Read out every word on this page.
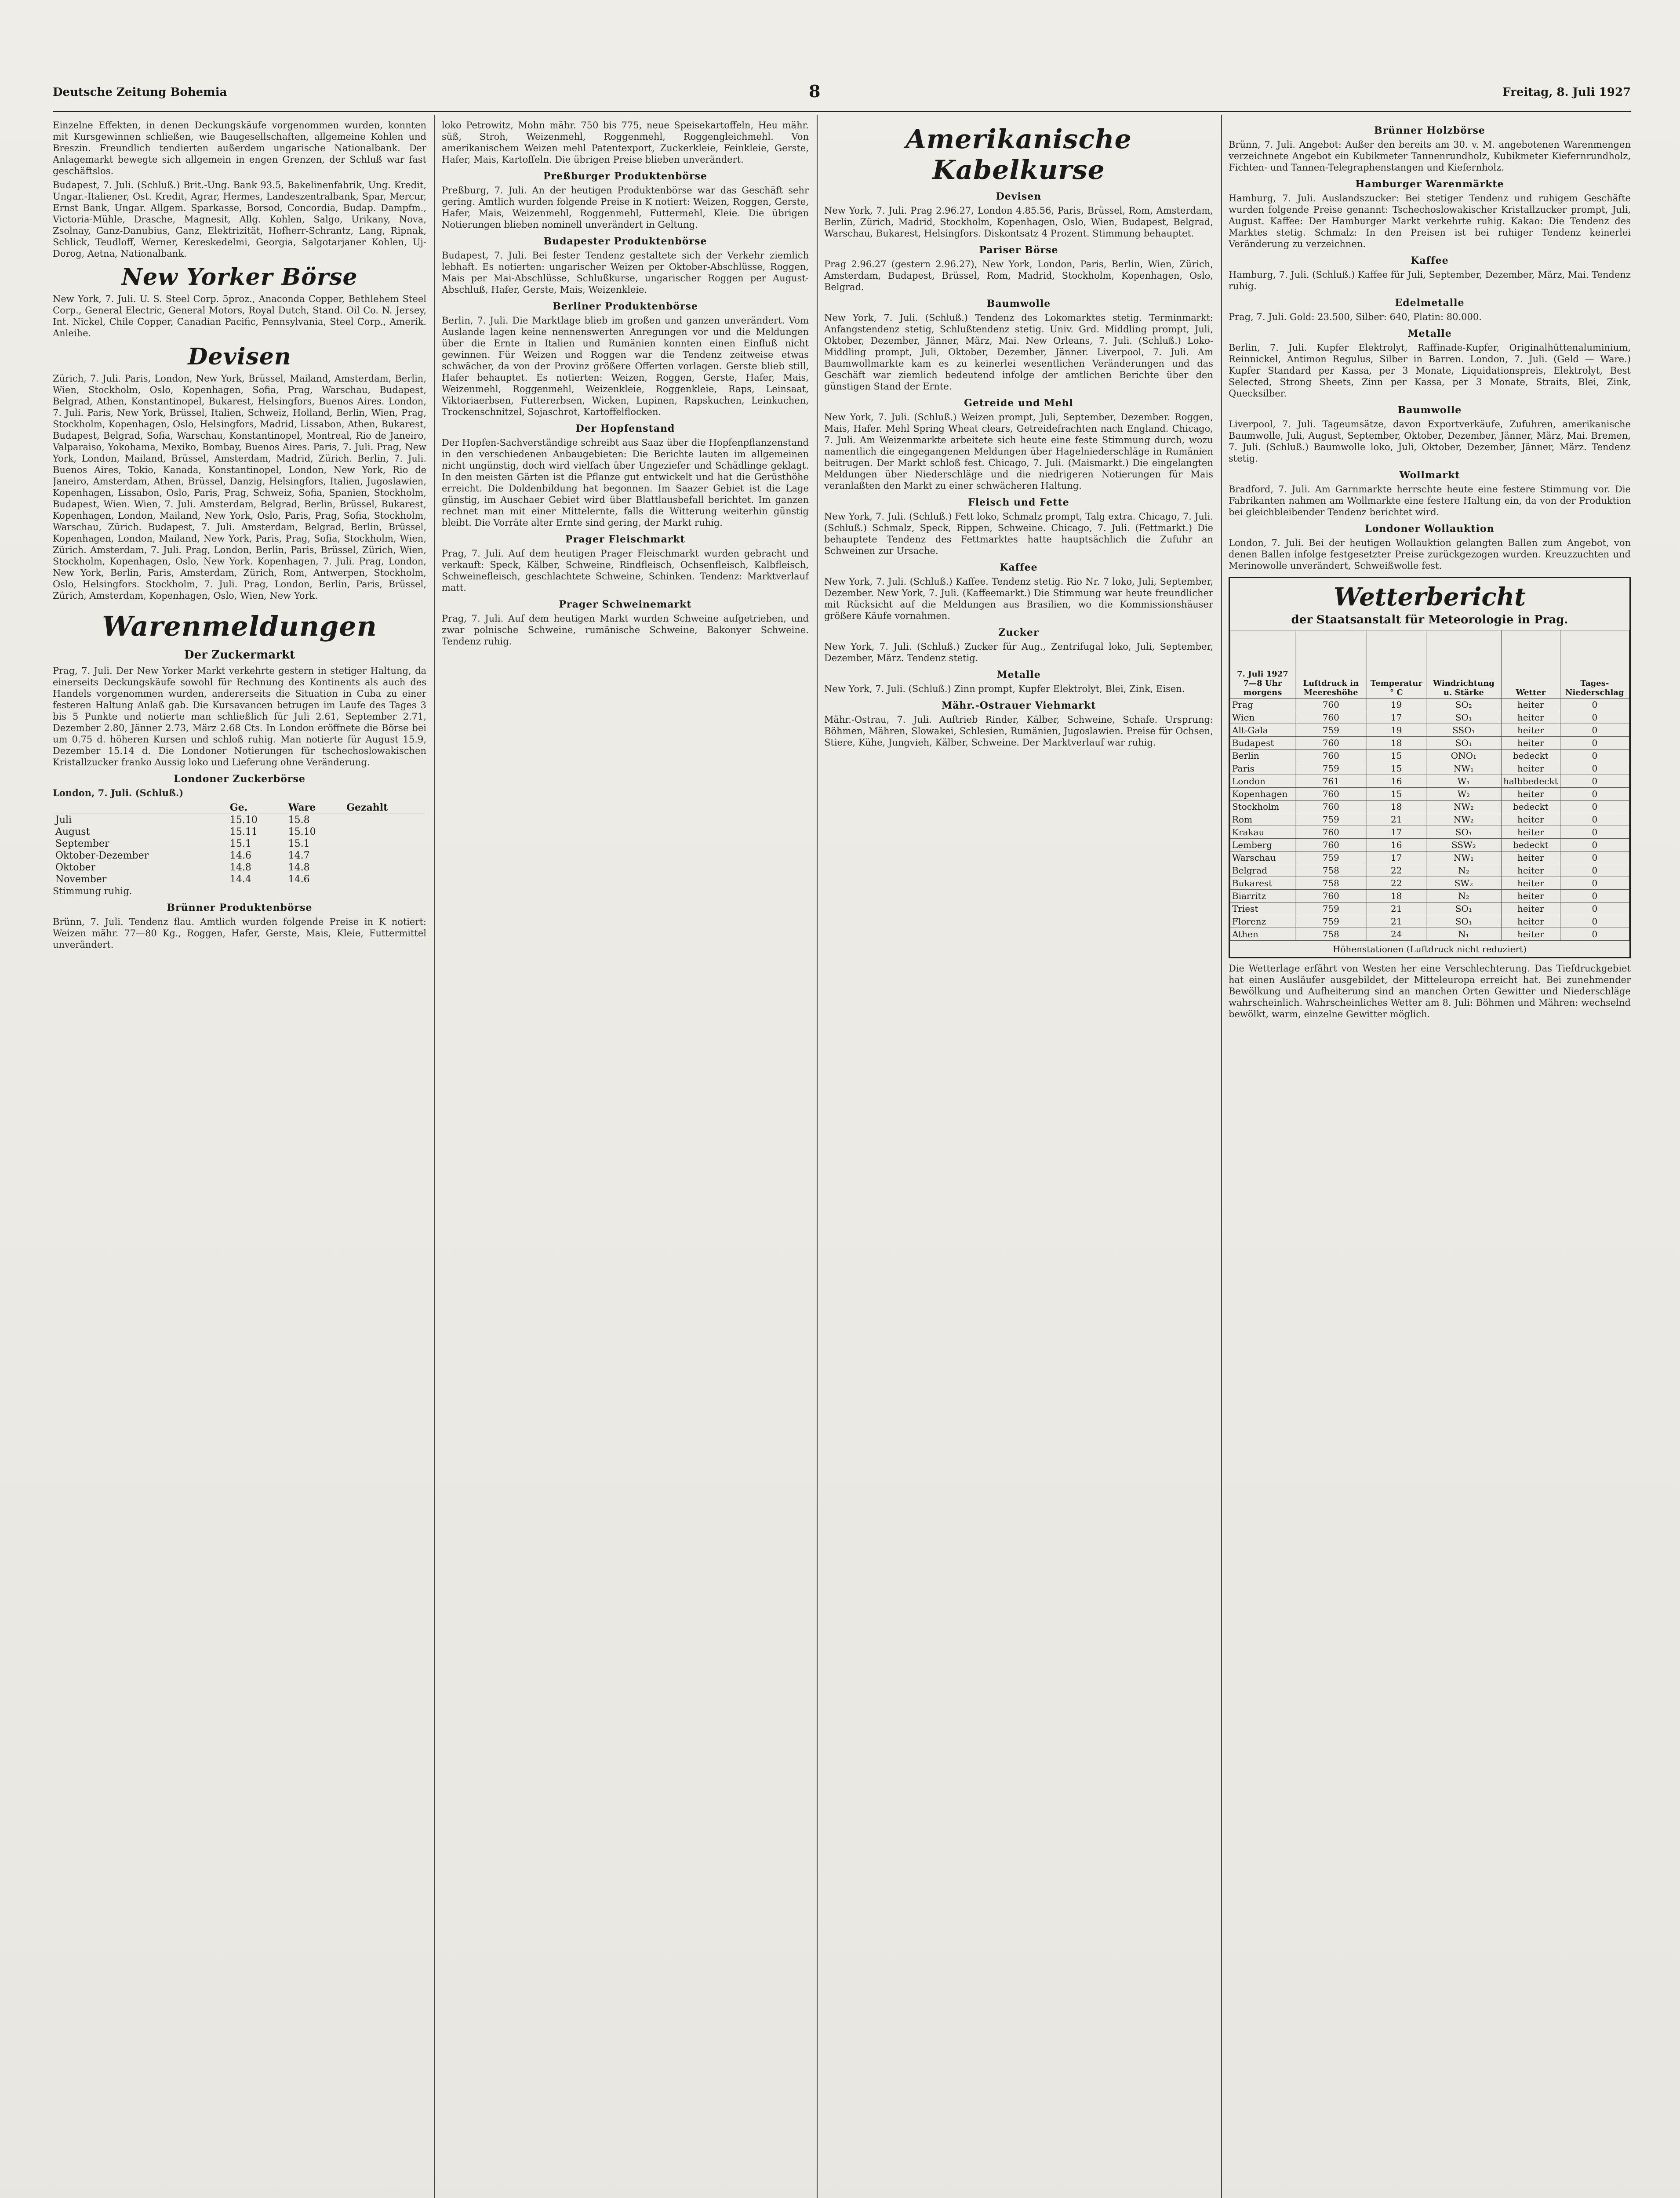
Deutsche Zeitung Bohemia	8	Freitag, 8. Juli 1927

Einzelne Effekten, in denen Deckungskäufe vorgenommen wurden, konnten mit Kursgewinnen schließen, wie Baugesellschaften, allgemeine Kohlen und Breszin. Freundlich tendierten außerdem ungarische Nationalbank. Der Anlagemarkt bewegte sich allgemein in engen Grenzen, der Schluß war fast geschäftslos.

Budapest, 7. Juli. (Schluß.) Brit.-Ung. Bank 93.5, Bakelinenfabrik, Ung. Kredit, Ungar.-Italiener, Ost. Kredit, Agrar, Hermes, Landeszentralbank, Spar, Mercur, Ernst Bank, Ungar. Allgem. Sparkasse, Borsod, Concordia, Budap. Dampfm., Victoria-Mühle, Drasche, Magnesit, Allg. Kohlen, Salgo, Urikany, Nova, Zsolnay, Ganz-Danubius, Ganz, Elektrizität, Hofherr-Schrantz, Lang, Ripnak, Schlick, Teudloff, Werner, Kereskedelmi, Georgia, Salgotarjaner Kohlen, Uj-Dorog, Aetna, Nationalbank.

New Yorker Börse

New York, 7. Juli. U. S. Steel Corp. 5proz., Anaconda Copper, Bethlehem Steel Corp., General Electric, General Motors, Royal Dutch, Stand. Oil Co. N. Jersey, Int. Nickel, Chile Copper, Canadian Pacific, Pennsylvania, Steel Corp., Amerik. Anleihe.

Devisen

Zürich, 7. Juli. Paris, London, New York, Brüssel, Mailand, Amsterdam, Berlin, Wien, Stockholm, Oslo, Kopenhagen, Sofia, Prag, Warschau, Budapest, Belgrad, Athen, Konstantinopel, Bukarest, Helsingfors, Buenos Aires. London, 7. Juli. Paris, New York, Brüssel, Italien, Schweiz, Holland, Berlin, Wien, Prag, Stockholm, Kopenhagen, Oslo, Helsingfors, Madrid, Lissabon, Athen, Bukarest, Budapest, Belgrad, Sofia, Warschau, Konstantinopel, Montreal, Rio de Janeiro, Valparaiso, Yokohama, Mexiko, Bombay, Buenos Aires. Paris, 7. Juli. Prag, New York, London, Mailand, Brüssel, Amsterdam, Madrid, Zürich. Berlin, 7. Juli. Buenos Aires, Tokio, Kanada, Konstantinopel, London, New York, Rio de Janeiro, Amsterdam, Athen, Brüssel, Danzig, Helsingfors, Italien, Jugoslawien, Kopenhagen, Lissabon, Oslo, Paris, Prag, Schweiz, Sofia, Spanien, Stockholm, Budapest, Wien. Wien, 7. Juli. Amsterdam, Belgrad, Berlin, Brüssel, Bukarest, Kopenhagen, London, Mailand, New York, Oslo, Paris, Prag, Sofia, Stockholm, Warschau, Zürich. Budapest, 7. Juli. Amsterdam, Belgrad, Berlin, Brüssel, Kopenhagen, London, Mailand, New York, Paris, Prag, Sofia, Stockholm, Wien, Zürich. Amsterdam, 7. Juli. Prag, London, Berlin, Paris, Brüssel, Zürich, Wien, Stockholm, Kopenhagen, Oslo, New York. Kopenhagen, 7. Juli. Prag, London, New York, Berlin, Paris, Amsterdam, Zürich, Rom, Antwerpen, Stockholm, Oslo, Helsingfors. Stockholm, 7. Juli. Prag, London, Berlin, Paris, Brüssel, Zürich, Amsterdam, Kopenhagen, Oslo, Wien, New York.

Warenmeldungen
Der Zuckermarkt

Prag, 7. Juli. Der New Yorker Markt verkehrte gestern in stetiger Haltung, da einerseits Deckungskäufe sowohl für Rechnung des Kontinents als auch des Handels vorgenommen wurden, andererseits die Situation in Cuba zu einer festeren Haltung Anlaß gab. Die Kursavancen betrugen im Laufe des Tages 3 bis 5 Punkte und notierte man schließlich für Juli 2.61, September 2.71, Dezember 2.80, Jänner 2.73, März 2.68 Cts. In London eröffnete die Börse bei um 0.75 d. höheren Kursen und schloß ruhig. Man notierte für August 15.9, Dezember 15.14 d. Die Londoner Notierungen für tschechoslowakischen Kristallzucker franko Aussig loko und Lieferung ohne Veränderung.

Londoner Zuckerbörse

London, 7. Juli. (Schluß.)

	Ge.	Ware	Gezahlt
Juli	15.10	15.8	
August	15.11	15.10	
September	15.1	15.1	
Oktober-Dezember	14.6	14.7	
Oktober	14.8	14.8	
November	14.4	14.6	

Stimmung ruhig.

Brünner Produktenbörse

Brünn, 7. Juli. Tendenz flau. Amtlich wurden folgende Preise in K notiert: Weizen mähr. 77—80 Kg., Roggen, Hafer, Gerste, Mais, Kleie, Futtermittel unverändert.

loko Petrowitz, Mohn mähr. 750 bis 775, neue Speisekartoffeln, Heu mähr. süß, Stroh, Weizenmehl, Roggenmehl, Roggengleichmehl. Von amerikanischem Weizen mehl Patentexport, Zuckerkleie, Feinkleie, Gerste, Hafer, Mais, Kartoffeln. Die übrigen Preise blieben unverändert.

Preßburger Produktenbörse

Preßburg, 7. Juli. An der heutigen Produktenbörse war das Geschäft sehr gering. Amtlich wurden folgende Preise in K notiert: Weizen, Roggen, Gerste, Hafer, Mais, Weizenmehl, Roggenmehl, Futtermehl, Kleie. Die übrigen Notierungen blieben nominell unverändert in Geltung.

Budapester Produktenbörse

Budapest, 7. Juli. Bei fester Tendenz gestaltete sich der Verkehr ziemlich lebhaft. Es notierten: ungarischer Weizen per Oktober-Abschlüsse, Roggen, Mais per Mai-Abschlüsse, Schlußkurse, ungarischer Roggen per August-Abschluß, Hafer, Gerste, Mais, Weizenkleie.

Berliner Produktenbörse

Berlin, 7. Juli. Die Marktlage blieb im großen und ganzen unverändert. Vom Auslande lagen keine nennenswerten Anregungen vor und die Meldungen über die Ernte in Italien und Rumänien konnten einen Einfluß nicht gewinnen. Für Weizen und Roggen war die Tendenz zeitweise etwas schwächer, da von der Provinz größere Offerten vorlagen. Gerste blieb still, Hafer behauptet. Es notierten: Weizen, Roggen, Gerste, Hafer, Mais, Weizenmehl, Roggenmehl, Weizenkleie, Roggenkleie, Raps, Leinsaat, Viktoriaerbsen, Futtererbsen, Wicken, Lupinen, Rapskuchen, Leinkuchen, Trockenschnitzel, Sojaschrot, Kartoffelflocken.

Der Hopfenstand

Der Hopfen-Sachverständige schreibt aus Saaz über die Hopfenpflanzenstand in den verschiedenen Anbaugebieten: Die Berichte lauten im allgemeinen nicht ungünstig, doch wird vielfach über Ungeziefer und Schädlinge geklagt. In den meisten Gärten ist die Pflanze gut entwickelt und hat die Gerüsthöhe erreicht. Die Doldenbildung hat begonnen. Im Saazer Gebiet ist die Lage günstig, im Auschaer Gebiet wird über Blattlausbefall berichtet. Im ganzen rechnet man mit einer Mittelernte, falls die Witterung weiterhin günstig bleibt. Die Vorräte alter Ernte sind gering, der Markt ruhig.

Prager Fleischmarkt

Prag, 7. Juli. Auf dem heutigen Prager Fleischmarkt wurden gebracht und verkauft: Speck, Kälber, Schweine, Rindfleisch, Ochsenfleisch, Kalbfleisch, Schweinefleisch, geschlachtete Schweine, Schinken. Tendenz: Marktverlauf matt.

Prager Schweinemarkt

Prag, 7. Juli. Auf dem heutigen Markt wurden Schweine aufgetrieben, und zwar polnische Schweine, rumänische Schweine, Bakonyer Schweine. Tendenz ruhig.

Amerikanische Kabelkurse
Devisen

New York, 7. Juli. Prag 2.96.27, London 4.85.56, Paris, Brüssel, Rom, Amsterdam, Berlin, Zürich, Madrid, Stockholm, Kopenhagen, Oslo, Wien, Budapest, Belgrad, Warschau, Bukarest, Helsingfors. Diskontsatz 4 Prozent. Stimmung behauptet.

Pariser Börse

Prag 2.96.27 (gestern 2.96.27), New York, London, Paris, Berlin, Wien, Zürich, Amsterdam, Budapest, Brüssel, Rom, Madrid, Stockholm, Kopenhagen, Oslo, Belgrad.

Baumwolle

New York, 7. Juli. (Schluß.) Tendenz des Lokomarktes stetig. Terminmarkt: Anfangstendenz stetig, Schlußtendenz stetig. Univ. Grd. Middling prompt, Juli, Oktober, Dezember, Jänner, März, Mai. New Orleans, 7. Juli. (Schluß.) Loko-Middling prompt, Juli, Oktober, Dezember, Jänner. Liverpool, 7. Juli. Am Baumwollmarkte kam es zu keinerlei wesentlichen Veränderungen und das Geschäft war ziemlich bedeutend infolge der amtlichen Berichte über den günstigen Stand der Ernte.

Getreide und Mehl

New York, 7. Juli. (Schluß.) Weizen prompt, Juli, September, Dezember. Roggen, Mais, Hafer. Mehl Spring Wheat clears, Getreidefrachten nach England. Chicago, 7. Juli. Am Weizenmarkte arbeitete sich heute eine feste Stimmung durch, wozu namentlich die eingegangenen Meldungen über Hagelniederschläge in Rumänien beitrugen. Der Markt schloß fest. Chicago, 7. Juli. (Maismarkt.) Die eingelangten Meldungen über Niederschläge und die niedrigeren Notierungen für Mais veranlaßten den Markt zu einer schwächeren Haltung.

Fleisch und Fette

New York, 7. Juli. (Schluß.) Fett loko, Schmalz prompt, Talg extra. Chicago, 7. Juli. (Schluß.) Schmalz, Speck, Rippen, Schweine. Chicago, 7. Juli. (Fettmarkt.) Die behauptete Tendenz des Fettmarktes hatte hauptsächlich die Zufuhr an Schweinen zur Ursache.

Kaffee

New York, 7. Juli. (Schluß.) Kaffee. Tendenz stetig. Rio Nr. 7 loko, Juli, September, Dezember. New York, 7. Juli. (Kaffeemarkt.) Die Stimmung war heute freundlicher mit Rücksicht auf die Meldungen aus Brasilien, wo die Kommissionshäuser größere Käufe vornahmen.

Zucker

New York, 7. Juli. (Schluß.) Zucker für Aug., Zentrifugal loko, Juli, September, Dezember, März. Tendenz stetig.

Metalle

New York, 7. Juli. (Schluß.) Zinn prompt, Kupfer Elektrolyt, Blei, Zink, Eisen.

Mähr.-Ostrauer Viehmarkt

Mähr.-Ostrau, 7. Juli. Auftrieb Rinder, Kälber, Schweine, Schafe. Ursprung: Böhmen, Mähren, Slowakei, Schlesien, Rumänien, Jugoslawien. Preise für Ochsen, Stiere, Kühe, Jungvieh, Kälber, Schweine. Der Marktverlauf war ruhig.

Brünner Holzbörse

Brünn, 7. Juli. Angebot: Außer den bereits am 30. v. M. angebotenen Warenmengen verzeichnete Angebot ein Kubikmeter Tannenrundholz, Kubikmeter Kiefernrundholz, Fichten- und Tannen-Telegraphenstangen und Kiefernholz.

Hamburger Warenmärkte

Hamburg, 7. Juli. Auslandszucker: Bei stetiger Tendenz und ruhigem Geschäfte wurden folgende Preise genannt: Tschechoslowakischer Kristallzucker prompt, Juli, August. Kaffee: Der Hamburger Markt verkehrte ruhig. Kakao: Die Tendenz des Marktes stetig. Schmalz: In den Preisen ist bei ruhiger Tendenz keinerlei Veränderung zu verzeichnen.

Kaffee

Hamburg, 7. Juli. (Schluß.) Kaffee für Juli, September, Dezember, März, Mai. Tendenz ruhig.

Edelmetalle

Prag, 7. Juli. Gold: 23.500, Silber: 640, Platin: 80.000.

Metalle

Berlin, 7. Juli. Kupfer Elektrolyt, Raffinade-Kupfer, Originalhüttenaluminium, Reinnickel, Antimon Regulus, Silber in Barren. London, 7. Juli. (Geld — Ware.) Kupfer Standard per Kassa, per 3 Monate, Liquidationspreis, Elektrolyt, Best Selected, Strong Sheets, Zinn per Kassa, per 3 Monate, Straits, Blei, Zink, Quecksilber.

Baumwolle

Liverpool, 7. Juli. Tageumsätze, davon Exportverkäufe, Zufuhren, amerikanische Baumwolle, Juli, August, September, Oktober, Dezember, Jänner, März, Mai. Bremen, 7. Juli. (Schluß.) Baumwolle loko, Juli, Oktober, Dezember, Jänner, März. Tendenz stetig.

Wollmarkt

Bradford, 7. Juli. Am Garnmarkte herrschte heute eine festere Stimmung vor. Die Fabrikanten nahmen am Wollmarkte eine festere Haltung ein, da von der Produktion bei gleichbleibender Tendenz berichtet wird.

Londoner Wollauktion

London, 7. Juli. Bei der heutigen Wollauktion gelangten Ballen zum Angebot, von denen Ballen infolge festgesetzter Preise zurückgezogen wurden. Kreuzzuchten und Merinowolle unverändert, Schweißwolle fest.

Wetterbericht
der Staatsanstalt für Meteorologie in Prag.
7. Juli 1927
7—8 Uhr morgens	Luftdruck in Meereshöhe	Temperatur ° C	Windrichtung u. Stärke	Wetter	Tages-Niederschlag
Prag	760	19	SO₂	heiter	0
Wien	760	17	SO₁	heiter	0
Alt-Gala	759	19	SSO₁	heiter	0
Budapest	760	18	SO₁	heiter	0
Berlin	760	15	ONO₁	bedeckt	0
Paris	759	15	NW₁	heiter	0
London	761	16	W₁	halbbedeckt	0
Kopenhagen	760	15	W₂	heiter	0
Stockholm	760	18	NW₂	bedeckt	0
Rom	759	21	NW₂	heiter	0
Krakau	760	17	SO₁	heiter	0
Lemberg	760	16	SSW₂	bedeckt	0
Warschau	759	17	NW₁	heiter	0
Belgrad	758	22	N₂	heiter	0
Bukarest	758	22	SW₂	heiter	0
Biarritz	760	18	N₂	heiter	0
Triest	759	21	SO₁	heiter	0
Florenz	759	21	SO₁	heiter	0
Athen	758	24	N₁	heiter	0
Höhenstationen (Luftdruck nicht reduziert)

Die Wetterlage erfährt von Westen her eine Verschlechterung. Das Tiefdruckgebiet hat einen Ausläufer ausgebildet, der Mitteleuropa erreicht hat. Bei zunehmender Bewölkung und Aufheiterung sind an manchen Orten Gewitter und Niederschläge wahrscheinlich. Wahrscheinliches Wetter am 8. Juli: Böhmen und Mähren: wechselnd bewölkt, warm, einzelne Gewitter möglich.
